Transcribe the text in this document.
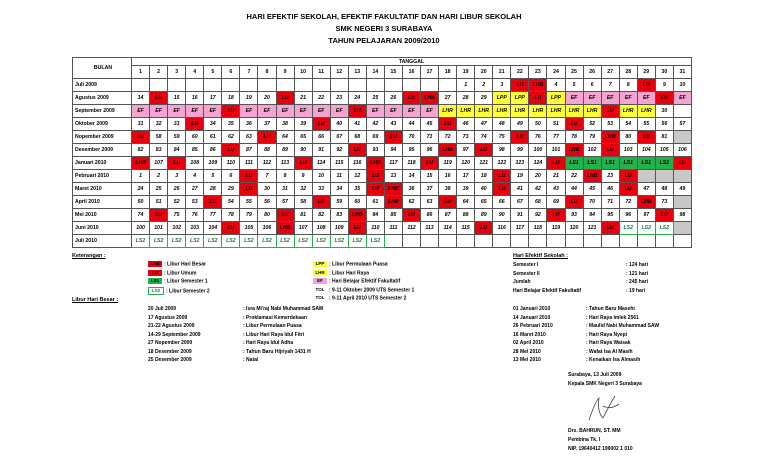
HARI EFEKTIF SEKOLAH, EFEKTIF FAKULTATIF DAN HARI LIBUR SEKOLAH
SMK NEGERI 3 SURABAYA
TAHUN PELAJARAN 2009/2010
BULAN	TANGGAL																														
	1	2	3	4	5	6	7	8	9	10	11	12	13	14	15	16	17	18	19	20	21	22	23	24	25	26	27	28	29	30	31
Juli 2009																			1	2	3	LU	LHB	4	5	6	7	8	LU	9	10
Agustus 2009	14	LU	15	16	17	18	19	20	LU	21	22	23	24	25	26	LU	LHB	27	28	29	LPP	LPP	LU	LPP	EF	EF	EF	EF	EF	LU	EF
September 2009	EF	EF	EF	EF	EF	LU	EF	EF	EF	EF	EF	EF	LU	EF	EF	EF	EF	LHR	LHR	LHR	LHR	LHR	LHR	LHR	LHR	LHR	LU	LHR	LHR	30	
Oktober 2009	31	32	33	LU	34	35	36	37	38	39	LU	40	41	42	43	44	45	LU	46	47	48	49	50	51	LU	52	53	54	55	56	57
Nopember 2009	LU	58	59	60	61	62	63	LU	64	65	66	67	68	69	LU	70	71	72	73	74	75	LU	76	77	78	79	LHB	80	LU	81	
Desember 2009	82	83	84	85	86	LU	87	88	89	90	91	92	LU	93	94	95	96	LHB	97	LU	98	99	100	101	LHB	102	LU	103	104	105	106
Januari 2010	LHB	107	LU	108	109	110	111	112	113	LU	114	115	116	LHB	117	118	LU	119	120	121	122	123	124	LU	LS1	LS1	LS1	LS1	LS1	LS1	LU
Pebruari 2010	1	2	3	4	5	6	LU	7	8	9	10	11	12	LU	13	14	15	16	17	18	LU	19	20	21	22	LHB	23	LU			
Maret 2010	24	25	26	27	28	29	LU	30	31	32	33	34	35	LU	LHB	36	37	38	39	40	LU	41	42	43	44	45	46	LU	47	48	49
April 2010	50	51	52	53	LU	54	55	56	57	58	LU	59	60	61	LHB	62	63	LU	64	65	66	67	68	69	LU	70	71	72	LHB	73	
Mei 2010	74	LU	75	76	77	78	79	80	LU	81	82	83	LHB	84	85	LU	86	87	88	89	90	91	92	LU	93	94	95	96	97	LU	98
Juni 2010	100	101	102	103	104	LU	105	106	LHB	107	108	109	LU	110	111	112	113	114	115	LU	116	117	118	119	120	121	LU	LS2	LS2	LS2	
Juli 2010	LS2	LS2	LS2	LS2	LS2	LS2	LS2	LS2	LS2	LS2	LS2	LS2	LS2	LS2																	
Keterangan :
LHB : Libur Hari Besar
LU : Libur Umum
LS1 : Libur Semester 1
LS2 : Libur Semester 2
LPP : Libur Permulaan Puasa
LHR : Libur Hari Raya
EF : Hari Belajar Efektif Fakultatif
TOL : 9-11 Oktober 2009 UTS Semester 1
TOL : 9-11 April 2010 UTS Semester 2
Hari Efektif Sekolah :
Semester I	: 124 hari
Semester II	: 121 hari
Jumlah	: 245 hari
Hari Belajar Efektif Fakultatif	: 19 hari
Libur Hari Besar :
20 Juli 2009	: Isra Mi'raj Nabi Muhammad SAW
17 Agustus 2009	: Proklamasi Kemerdekaan
21-22 Agustus 2009	: Libur Permulaan Puasa
14-29 September 2009	: Libur Hari Raya Idul Fitri
27 Nopember 2009	: Hari Raya Idul Adha
18 Desember 2009	: Tahun Baru Hijriyah 1431 H
25 Desember 2009	: Natal
01 Januari 2010	: Tahun Baru Masehi
14 Januari 2010	: Hari Raya Imlek 2561
26 Pebruari 2010	: Maulid Nabi Muhammad SAW
16 Maret 2010	: Hari Raya Nyepi
02 April 2010	: Hari Raya Waisak
28 Mei 2010	: Wafat Isa Al Masih
13 Mei 2010	: Kenaikan Isa Almasih
Surabaya, 13 Juli 2009
Kepala SMK Negeri 3 Surabaya
Drs. BAHRUN, ST. MM
Pembina Tk. I
NIP. 19640412 199002 1 010
